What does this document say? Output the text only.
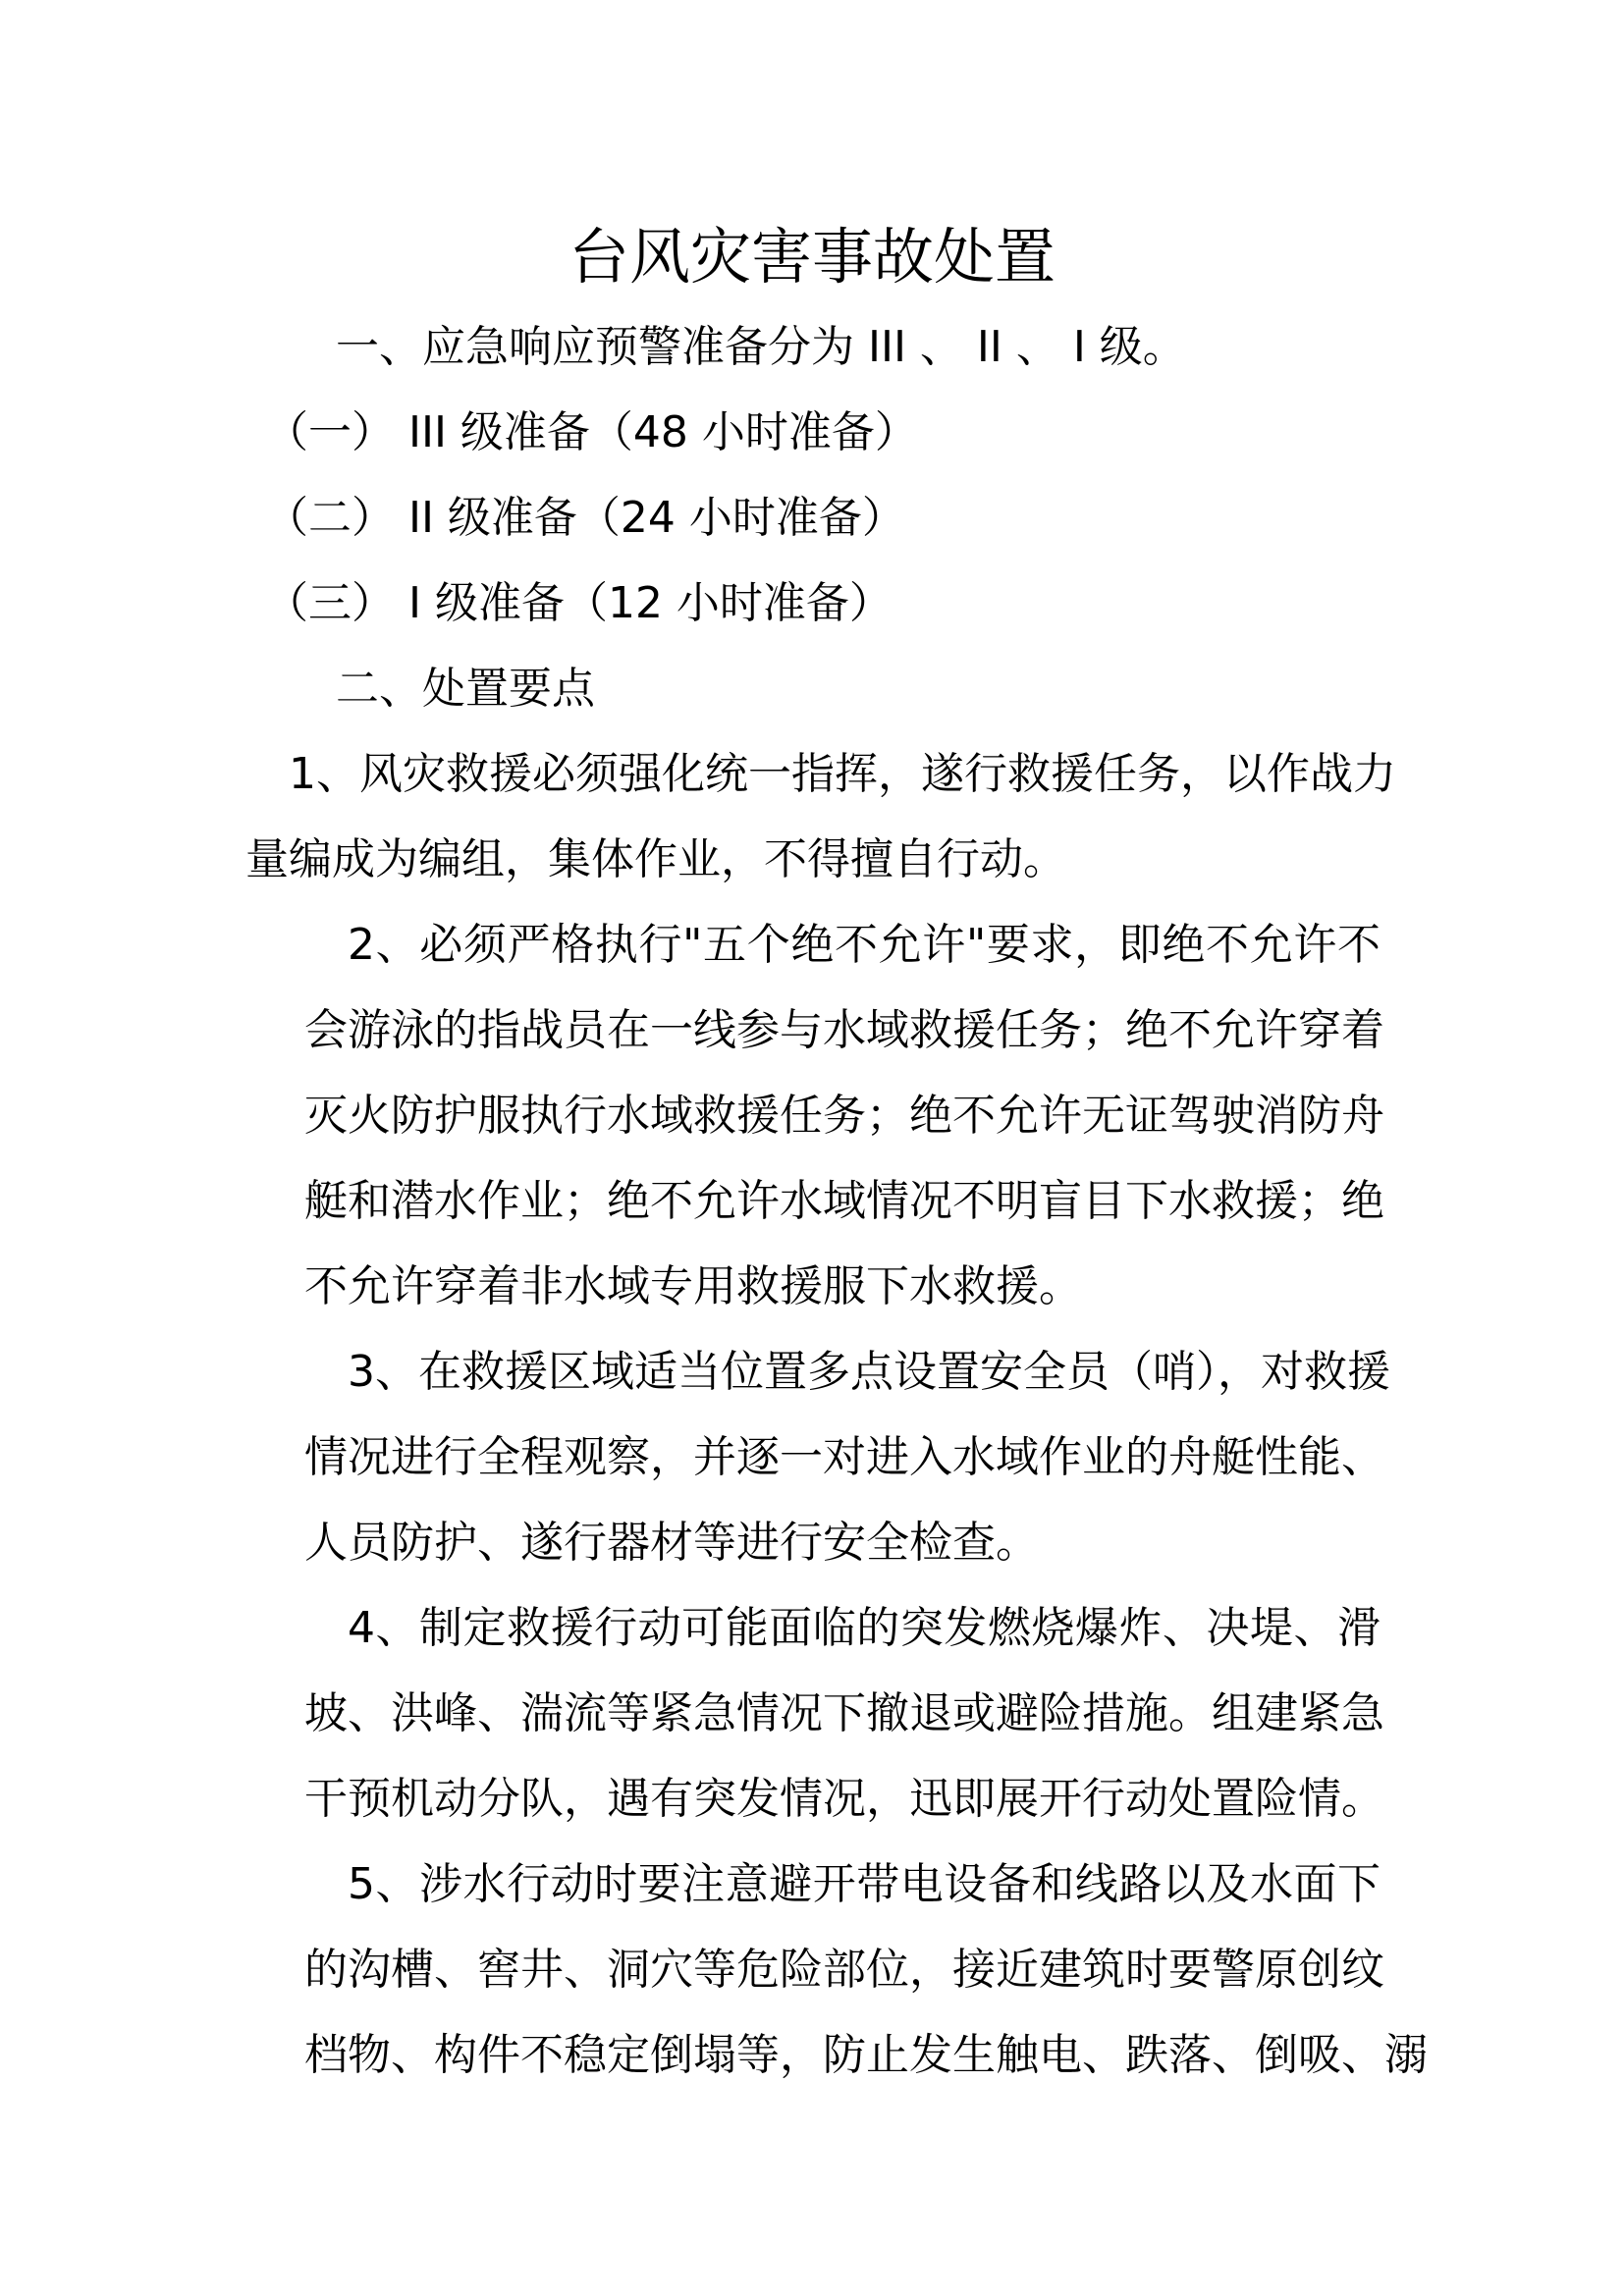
台风灾害事故处置
一、应急响应预警准备分为 III 、 II 、 I 级。
（一） III 级准备（48 小时准备）
（二） II 级准备（24 小时准备）
（三） I 级准备（12 小时准备）
二、处置要点
1、风灾救援必须强化统一指挥，遂行救援任务，以作战力
量编成为编组，集体作业，不得擅自行动。
2、必须严格执行"五个绝不允许"要求，即绝不允许不
会游泳的指战员在一线参与水域救援任务；绝不允许穿着
灭火防护服执行水域救援任务；绝不允许无证驾驶消防舟
艇和潜水作业；绝不允许水域情况不明盲目下水救援；绝
不允许穿着非水域专用救援服下水救援。
3、在救援区域适当位置多点设置安全员（哨），对救援
情况进行全程观察，并逐一对进入水域作业的舟艇性能、
人员防护、遂行器材等进行安全检查。
4、制定救援行动可能面临的突发燃烧爆炸、决堤、滑
坡、洪峰、湍流等紧急情况下撤退或避险措施。组建紧急
干预机动分队，遇有突发情况，迅即展开行动处置险情。
5、涉水行动时要注意避开带电设备和线路以及水面下
的沟槽、窖井、洞穴等危险部位，接近建筑时要警原创纹
档物、构件不稳定倒塌等，防止发生触电、跌落、倒吸、溺
